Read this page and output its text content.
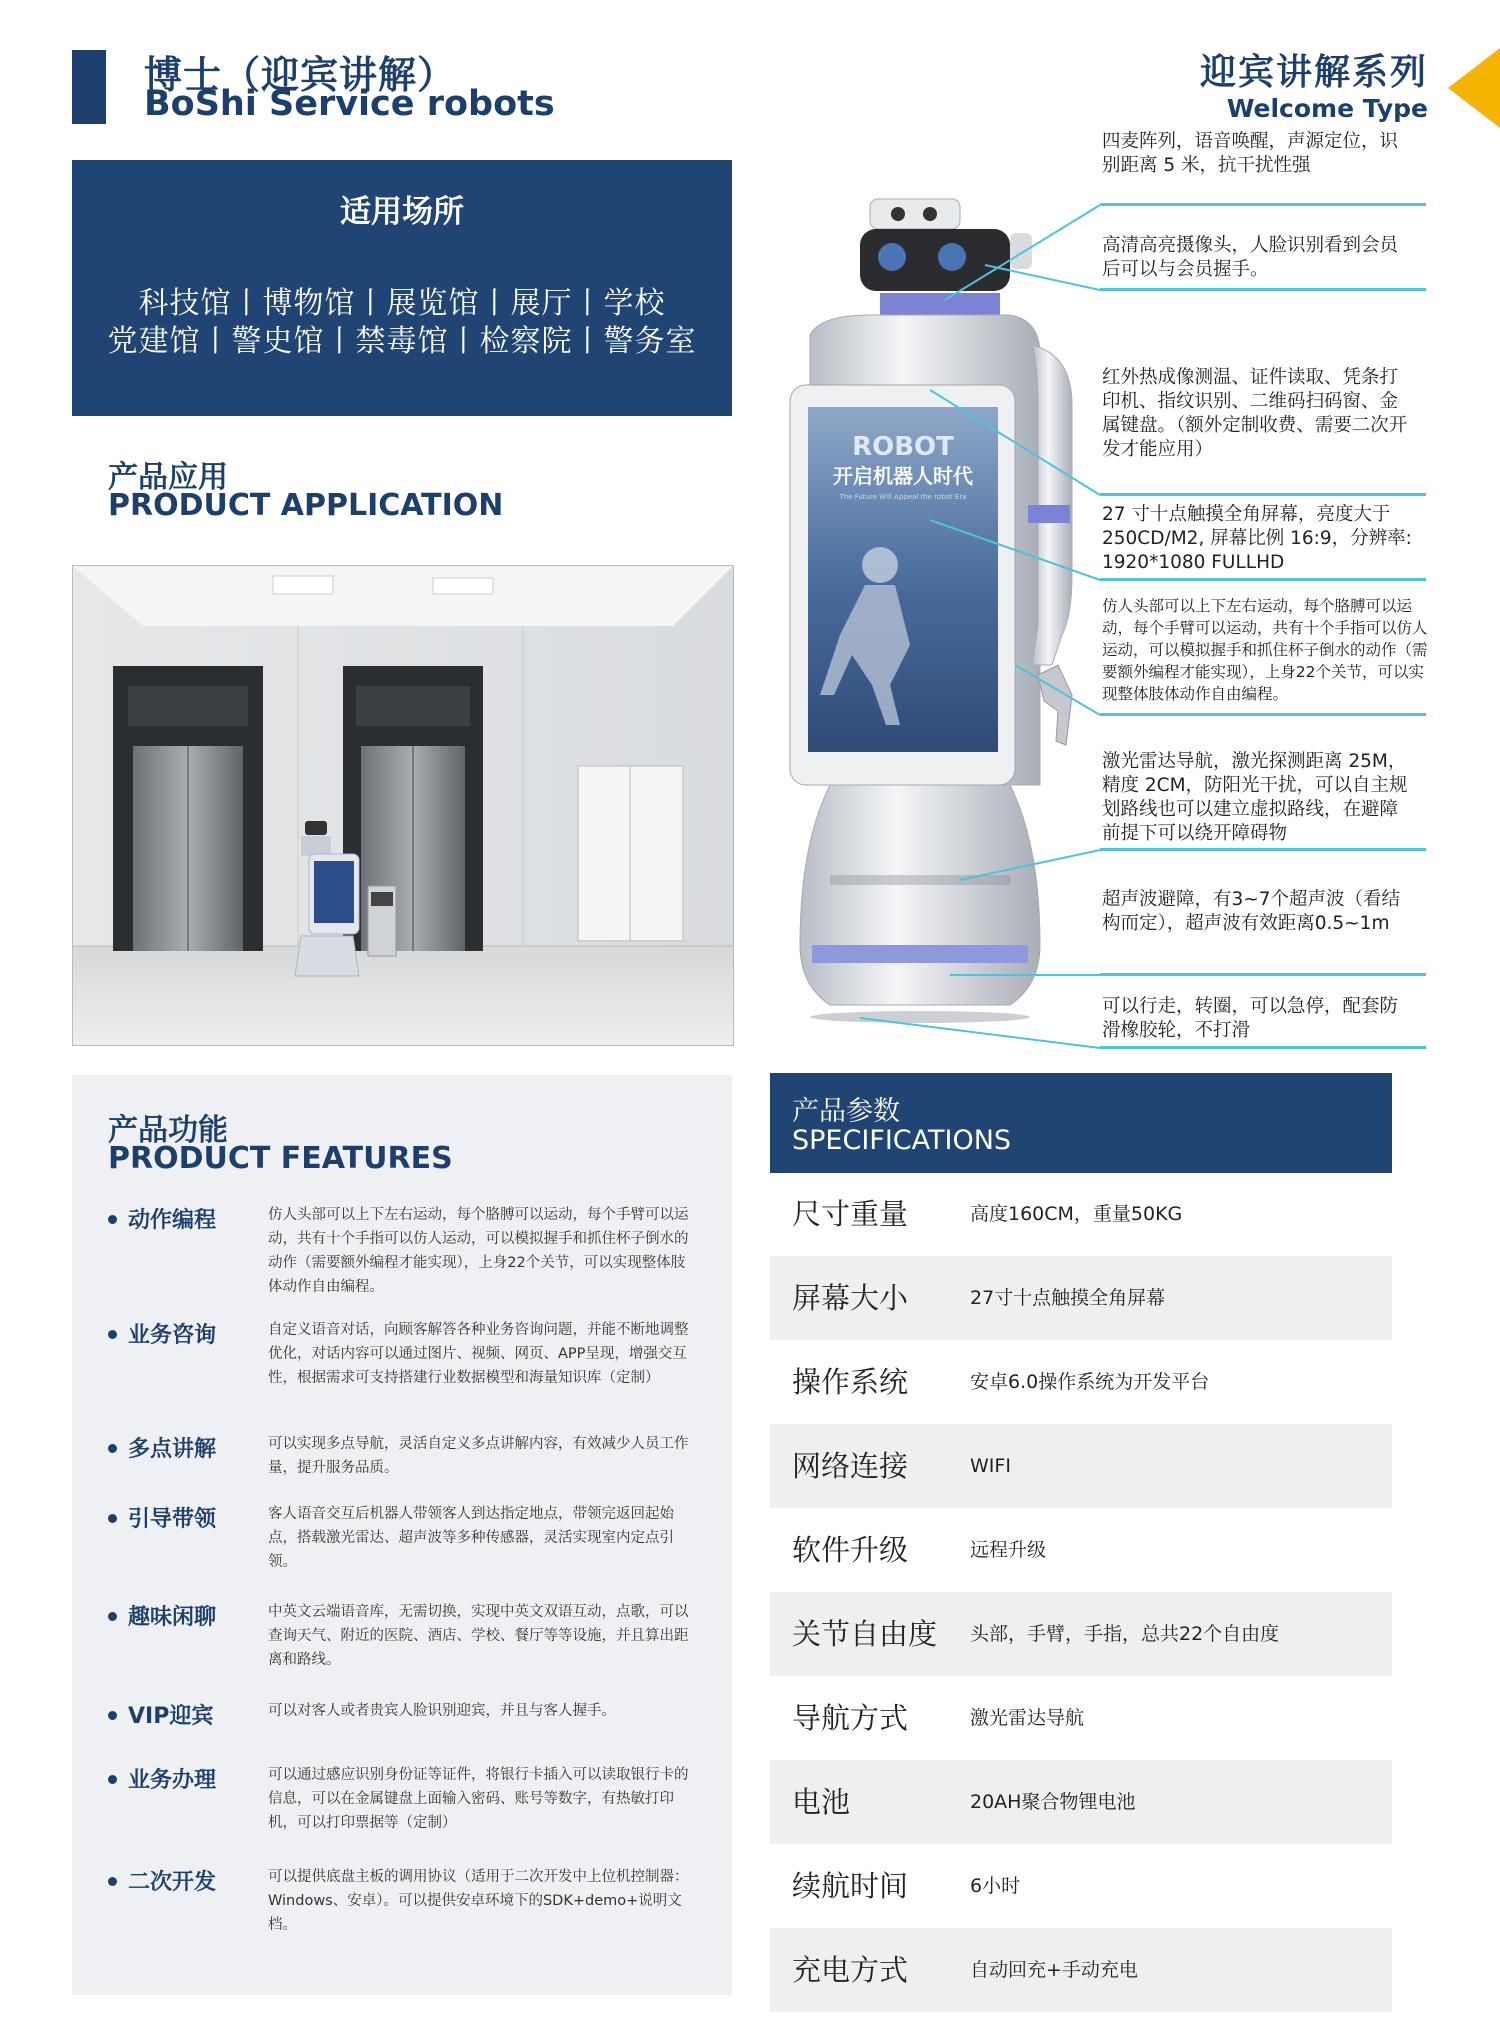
博士（迎宾讲解）
BoShi Service robots
迎宾讲解系列
Welcome Type
适用场所
科技馆丨博物馆丨展览馆丨展厅丨学校
党建馆丨警史馆丨禁毒馆丨检察院丨警务室
产品应用
PRODUCT APPLICATION
ROBOT
开启机器人时代
The Future Will Appeal the robot Era
四麦阵列，语音唤醒，声源定位，识别距离 5 米，抗干扰性强
高清高亮摄像头，人脸识别看到会员后可以与会员握手。
红外热成像测温、证件读取、凭条打印机、指纹识别、二维码扫码窗、金属键盘。（额外定制收费、需要二次开发才能应用）
27 寸十点触摸全角屏幕，亮度大于 250CD/M2, 屏幕比例 16:9，分辨率: 1920*1080 FULLHD
仿人头部可以上下左右运动，每个胳膊可以运动，每个手臂可以运动，共有十个手指可以仿人运动，可以模拟握手和抓住杯子倒水的动作（需要额外编程才能实现），上身22个关节，可以实现整体肢体动作自由编程。
激光雷达导航，激光探测距离 25M，精度 2CM，防阳光干扰，可以自主规划路线也可以建立虚拟路线，在避障前提下可以绕开障碍物
超声波避障，有3~7个超声波（看结构而定），超声波有效距离0.5~1m
可以行走，转圈，可以急停，配套防滑橡胶轮，不打滑
产品功能
PRODUCT FEATURES
动作编程	仿人头部可以上下左右运动，每个胳膊可以运动，每个手臂可以运动，共有十个手指可以仿人运动，可以模拟握手和抓住杯子倒水的动作（需要额外编程才能实现），上身22个关节，可以实现整体肢体动作自由编程。
业务咨询	自定义语音对话，向顾客解答各种业务咨询问题，并能不断地调整优化，对话内容可以通过图片、视频、网页、APP呈现，增强交互性，根据需求可支持搭建行业数据模型和海量知识库（定制）
多点讲解	可以实现多点导航，灵活自定义多点讲解内容，有效减少人员工作量，提升服务品质。
引导带领	客人语音交互后机器人带领客人到达指定地点，带领完返回起始点，搭载激光雷达、超声波等多种传感器，灵活实现室内定点引领。
趣味闲聊	中英文云端语音库，无需切换，实现中英文双语互动，点歌，可以查询天气、附近的医院、酒店、学校、餐厅等等设施，并且算出距离和路线。
VIP迎宾	可以对客人或者贵宾人脸识别迎宾，并且与客人握手。
业务办理	可以通过感应识别身份证等证件，将银行卡插入可以读取银行卡的信息，可以在金属键盘上面输入密码、账号等数字，有热敏打印机，可以打印票据等（定制）
二次开发	可以提供底盘主板的调用协议（适用于二次开发中上位机控制器：Windows、安卓）。可以提供安卓环境下的SDK+demo+说明文档。
产品参数
SPECIFICATIONS
尺寸重量	高度160CM，重量50KG
屏幕大小	27寸十点触摸全角屏幕
操作系统	安卓6.0操作系统为开发平台
网络连接	WIFI
软件升级	远程升级
关节自由度 头部，手臂，手指，总共22个自由度
导航方式	激光雷达导航
电池	20AH聚合物锂电池
续航时间	6小时
充电方式	自动回充+手动充电
